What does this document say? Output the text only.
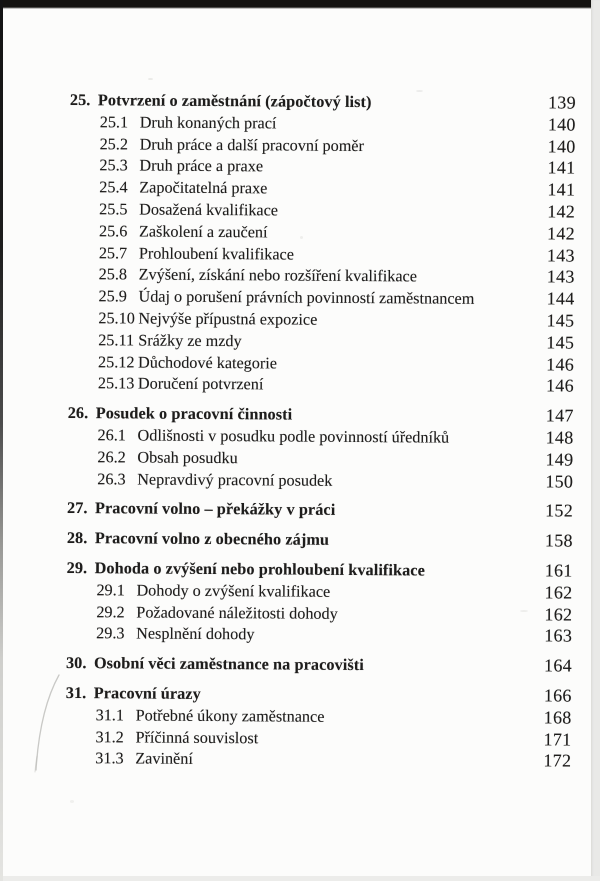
25. Potvrzení o zaměstnání (zápočtový list)	139
25.1 Druh konaných prací	140
25.2 Druh práce a další pracovní poměr	140
25.3 Druh práce a praxe	141
25.4 Započitatelná praxe	141
25.5 Dosažená kvalifikace	142
25.6 Zaškolení a zaučení	142
25.7 Prohloubení kvalifikace	143
25.8 Zvýšení, získání nebo rozšíření kvalifikace	143
25.9 Údaj o porušení právních povinností zaměstnancem	144
25.10 Nejvýše přípustná expozice	145
25.11 Srážky ze mzdy	145
25.12 Důchodové kategorie	146
25.13 Doručení potvrzení	146
26. Posudek o pracovní činnosti	147
26.1 Odlišnosti v posudku podle povinností úředníků	148
26.2 Obsah posudku	149
26.3 Nepravdivý pracovní posudek	150
27. Pracovní volno – překážky v práci	152
28. Pracovní volno z obecného zájmu	158
29. Dohoda o zvýšení nebo prohloubení kvalifikace	161
29.1 Dohody o zvýšení kvalifikace	162
29.2 Požadované náležitosti dohody	162
29.3 Nesplnění dohody	163
30. Osobní věci zaměstnance na pracovišti	164
31. Pracovní úrazy	166
31.1 Potřebné úkony zaměstnance	168
31.2 Příčinná souvislost	171
31.3 Zavinění	172
